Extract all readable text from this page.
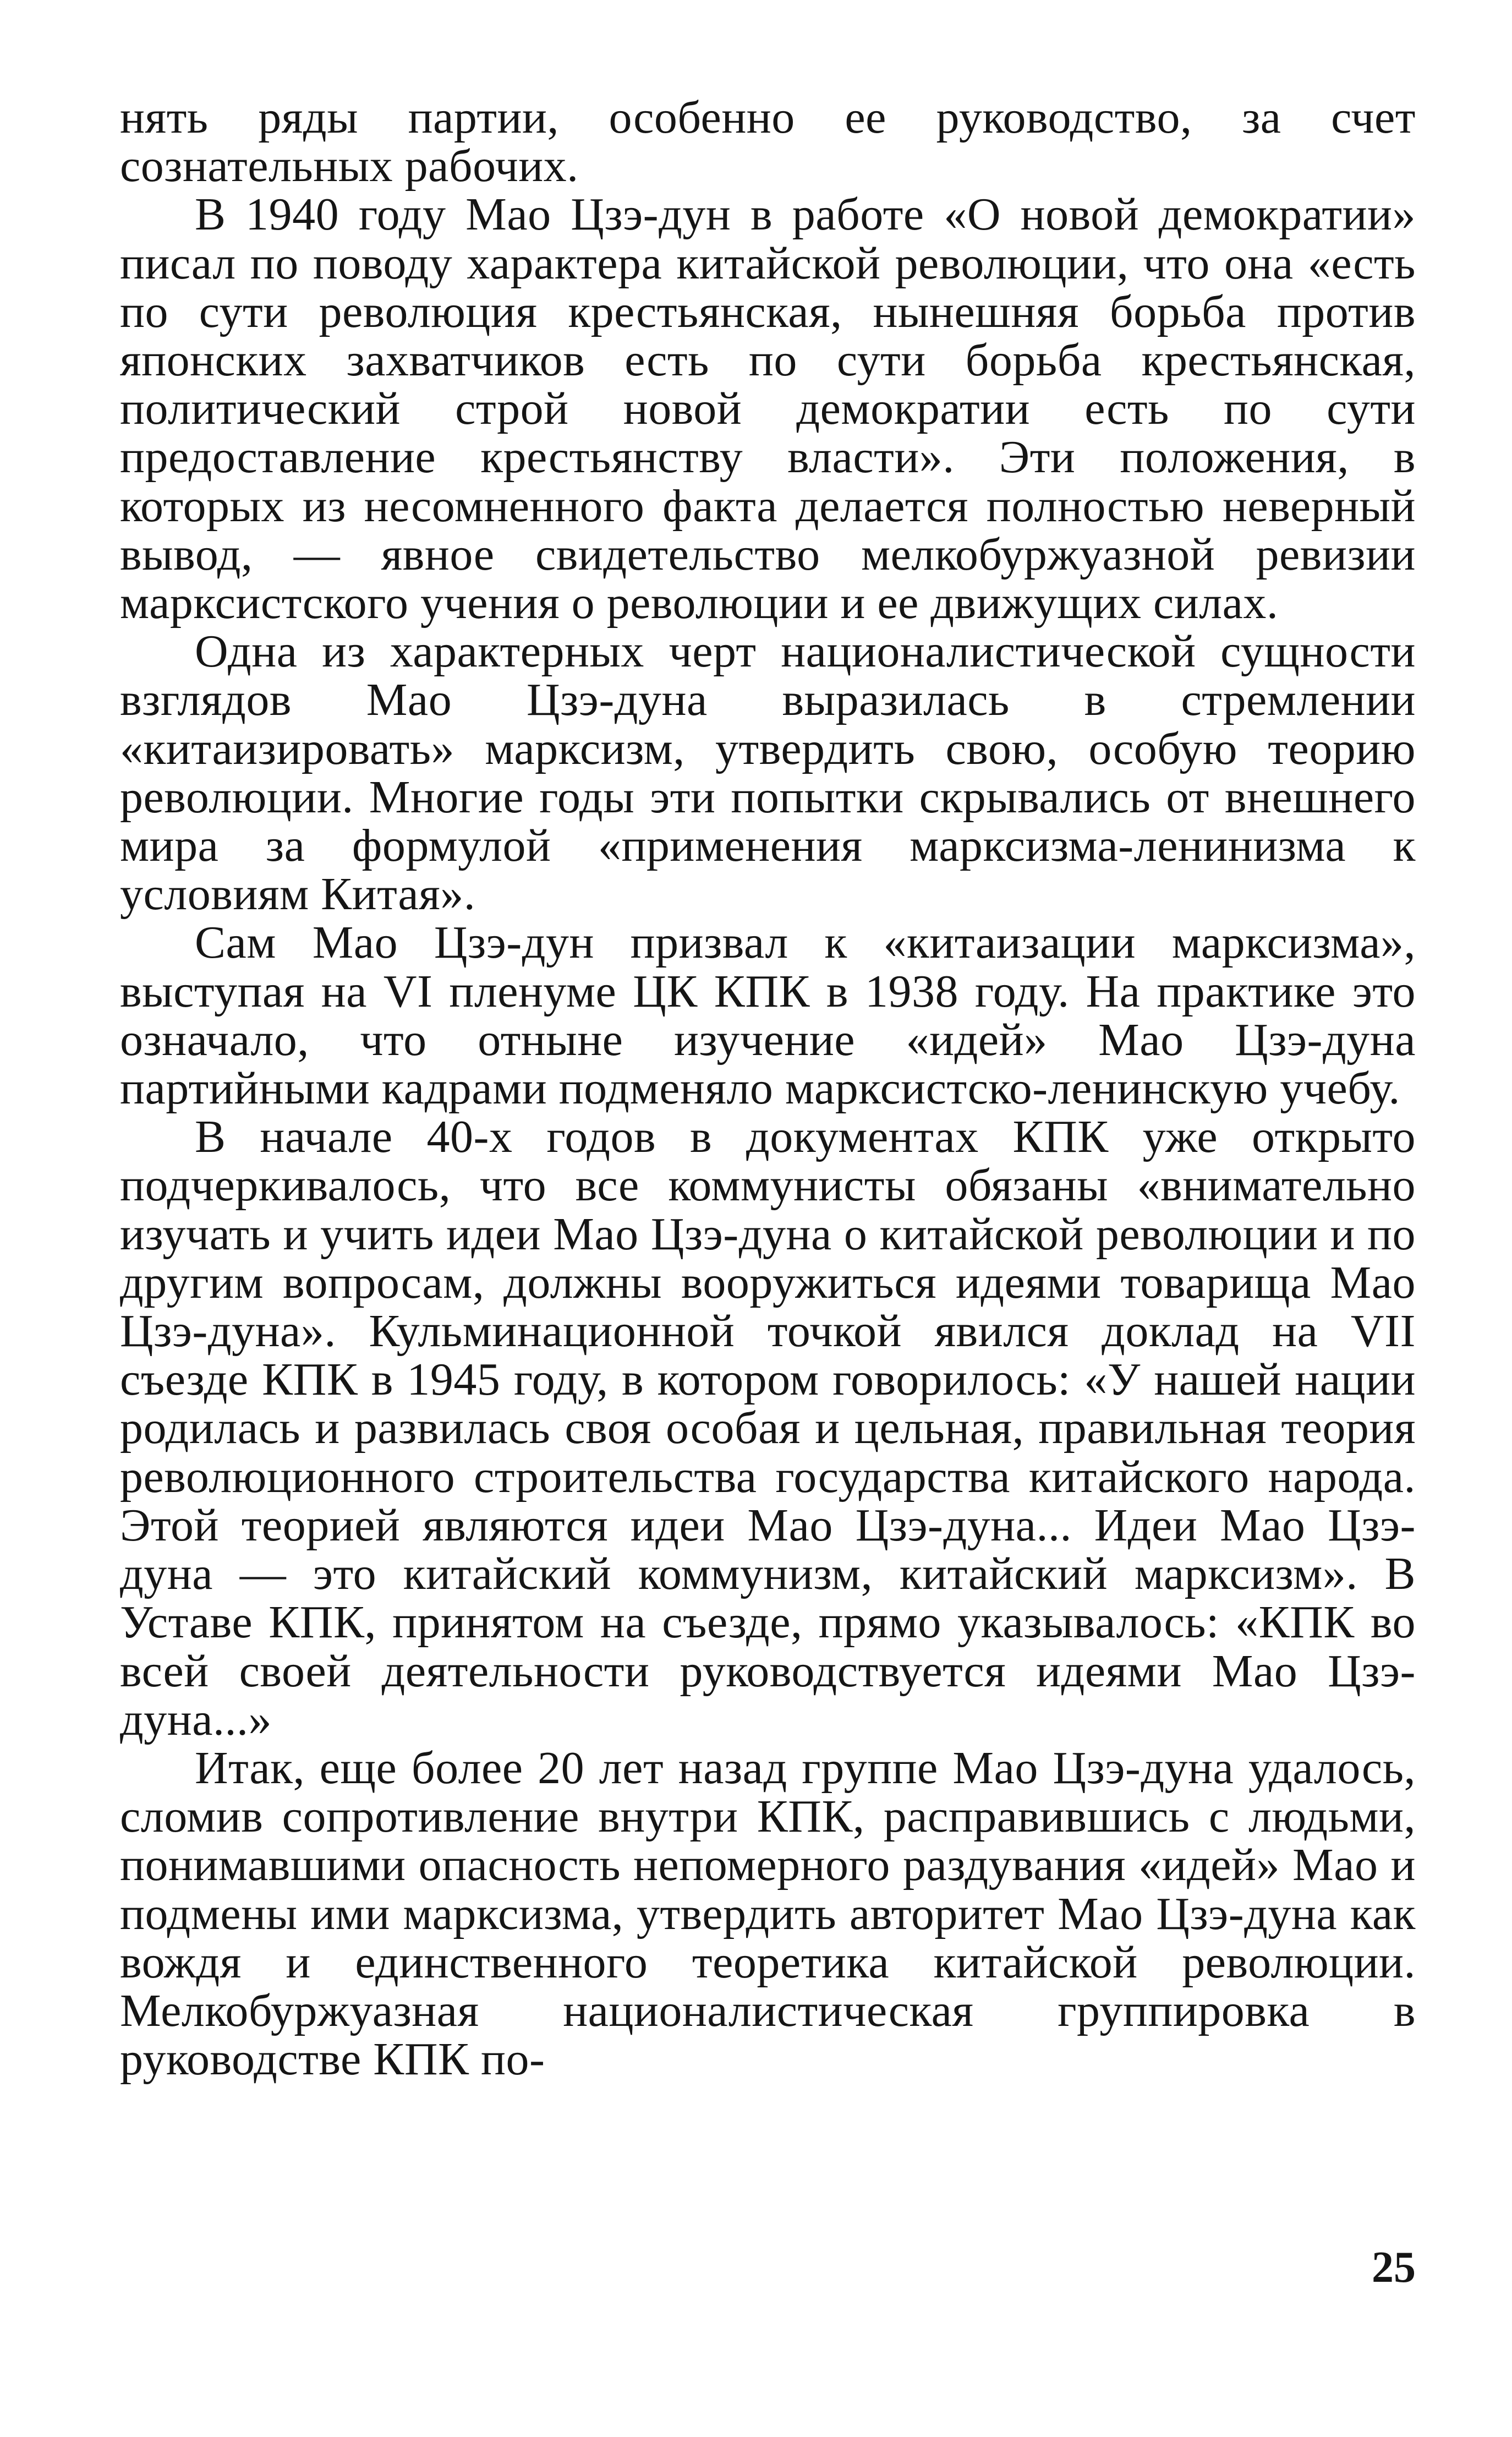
нять ряды партии, особенно ее руководство, за счет сознательных рабочих.

В 1940 году Мао Цзэ-дун в работе «О новой демократии» писал по поводу характера китайской революции, что она «есть по сути революция крестьянская, нынешняя борьба против японских захватчиков есть по сути борьба крестьянская, политический строй новой демократии есть по сути предоставление крестьянству власти». Эти положения, в которых из несомненного факта делается полностью неверный вывод, — явное свидетельство мелкобуржуазной ревизии марксистского учения о революции и ее движущих силах.

Одна из характерных черт националистической сущности взглядов Мао Цзэ-дуна выразилась в стремлении «китаизировать» марксизм, утвердить свою, особую теорию революции. Многие годы эти попытки скрывались от внешнего мира за формулой «применения марксизма-ленинизма к условиям Китая».

Сам Мао Цзэ-дун призвал к «китаизации марксизма», выступая на VI пленуме ЦК КПК в 1938 году. На практике это означало, что отныне изучение «идей» Мао Цзэ-дуна партийными кадрами подменяло марксистско-ленинскую учебу.

В начале 40-х годов в документах КПК уже открыто подчеркивалось, что все коммунисты обязаны «внимательно изучать и учить идеи Мао Цзэ-дуна о китайской революции и по другим вопросам, должны вооружиться идеями товарища Мао Цзэ-дуна». Кульминационной точкой явился доклад на VII съезде КПК в 1945 году, в котором говорилось: «У нашей нации родилась и развилась своя особая и цельная, правильная теория революционного строительства государства китайского народа. Этой теорией являются идеи Мао Цзэ-дуна... Идеи Мао Цзэ-дуна — это китайский коммунизм, китайский марксизм». В Уставе КПК, принятом на съезде, прямо указывалось: «КПК во всей своей деятельности руководствуется идеями Мао Цзэ-дуна...»

Итак, еще более 20 лет назад группе Мао Цзэ-дуна удалось, сломив сопротивление внутри КПК, расправившись с людьми, понимавшими опасность непомерного раздувания «идей» Мао и подмены ими марксизма, утвердить авторитет Мао Цзэ-дуна как вождя и единственного теоретика китайской революции. Мелкобуржуазная националистическая группировка в руководстве КПК по-

25
